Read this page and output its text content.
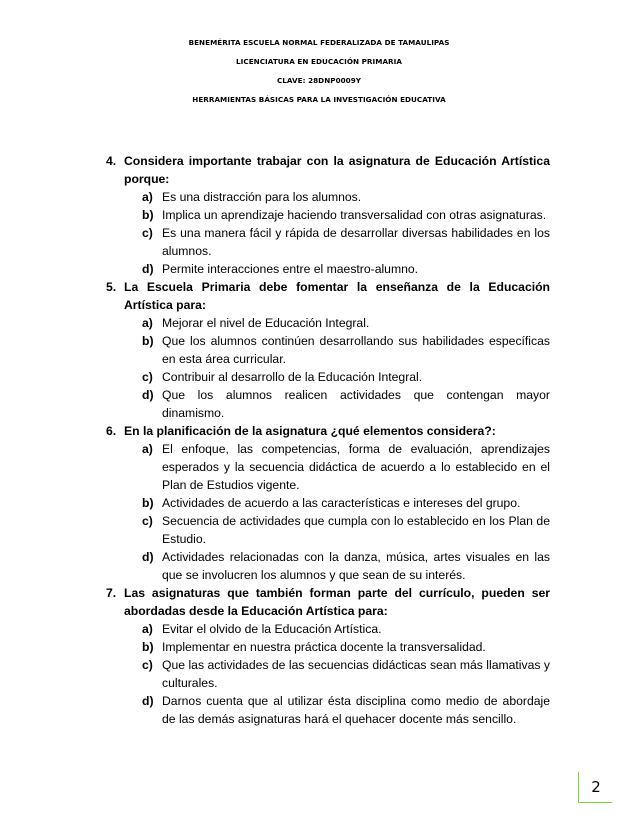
BENEMÉRITA ESCUELA NORMAL FEDERALIZADA DE TAMAULIPAS
LICENCIATURA EN EDUCACIÓN PRIMARIA
CLAVE: 28DNP0009Y
HERRAMIENTAS BÁSICAS PARA LA INVESTIGACIÓN EDUCATIVA
4. Considera importante trabajar con la asignatura de Educación Artística porque:
a) Es una distracción para los alumnos.
b) Implica un aprendizaje haciendo transversalidad con otras asignaturas.
c) Es una manera fácil y rápida de desarrollar diversas habilidades en los alumnos.
d) Permite interacciones entre el maestro-alumno.
5. La Escuela Primaria debe fomentar la enseñanza de la Educación Artística para:
a) Mejorar el nivel de Educación Integral.
b) Que los alumnos continúen desarrollando sus habilidades específicas en esta área curricular.
c) Contribuir al desarrollo de la Educación Integral.
d) Que los alumnos realicen actividades que contengan mayor dinamismo.
6. En la planificación de la asignatura ¿qué elementos considera?:
a) El enfoque, las competencias, forma de evaluación, aprendizajes esperados y la secuencia didáctica de acuerdo a lo establecido en el Plan de Estudios vigente.
b) Actividades de acuerdo a las características e intereses del grupo.
c) Secuencia de actividades que cumpla con lo establecido en los Plan de Estudio.
d) Actividades relacionadas con la danza, música, artes visuales en las que se involucren los alumnos y que sean de su interés.
7. Las asignaturas que también forman parte del currículo, pueden ser abordadas desde la Educación Artística para:
a) Evitar el olvido de la Educación Artística.
b) Implementar en nuestra práctica docente la transversalidad.
c) Que las actividades de las secuencias didácticas sean más llamativas y culturales.
d) Darnos cuenta que al utilizar ésta disciplina como medio de abordaje de las demás asignaturas hará el quehacer docente más sencillo.
2
